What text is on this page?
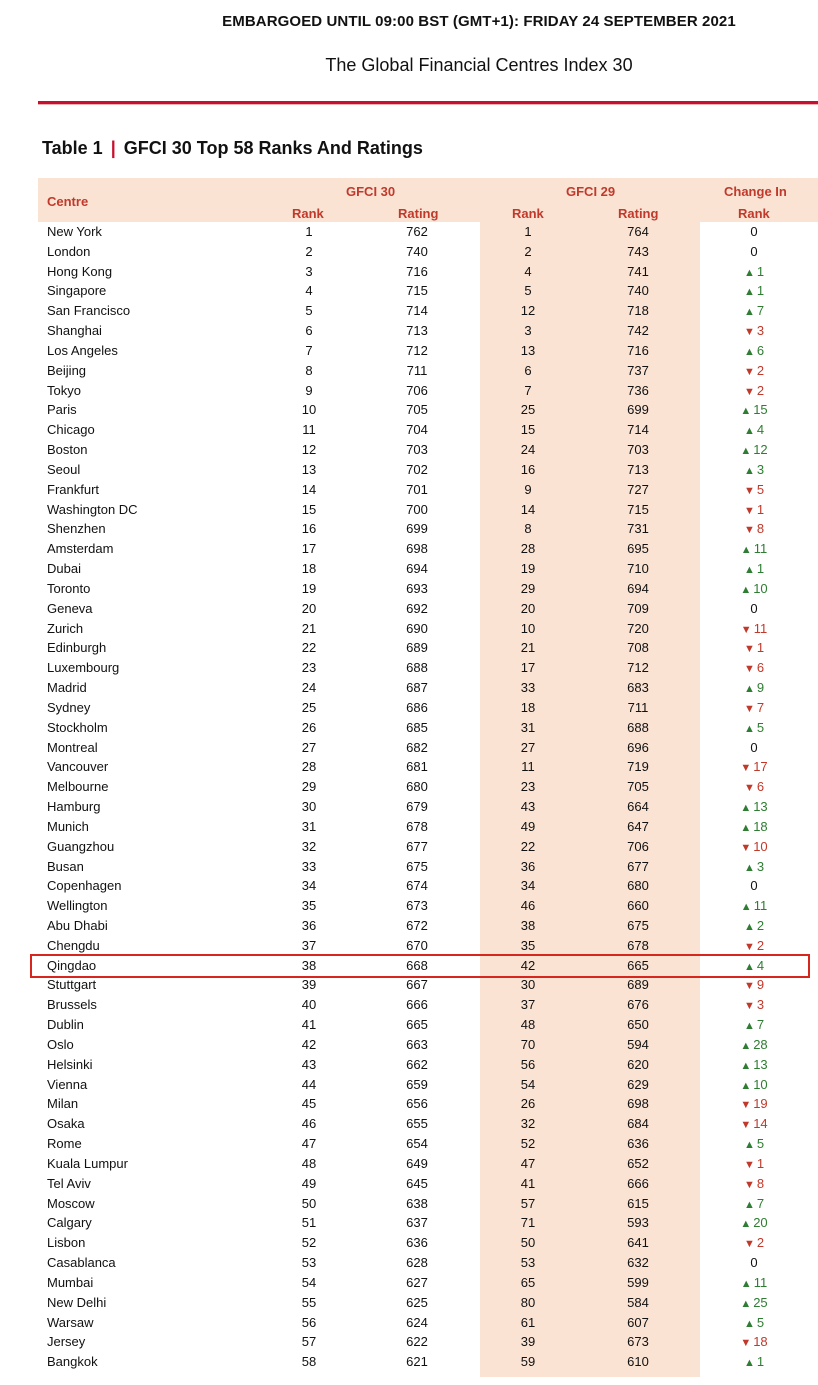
EMBARGOED UNTIL 09:00 BST (GMT+1): FRIDAY 24 SEPTEMBER 2021
The Global Financial Centres Index 30
Table 1 | GFCI 30 Top 58 Ranks And Ratings
Centre
GFCI 30
Rank	Rating
GFCI 29
Rank	Rating
Change In
Rank
New York	1	762	1	764	0
London	2	740	2	743	0
Hong Kong	3	716	4	741	▲ 1
Singapore	4	715	5	740	▲ 1
San Francisco	5	714	12	718	▲ 7
Shanghai	6	713	3	742	▼ 3
Los Angeles	7	712	13	716	▲ 6
Beijing	8	711	6	737	▼ 2
Tokyo	9	706	7	736	▼ 2
Paris	10	705	25	699	▲ 15
Chicago	11	704	15	714	▲ 4
Boston	12	703	24	703	▲ 12
Seoul	13	702	16	713	▲ 3
Frankfurt	14	701	9	727	▼ 5
Washington DC	15	700	14	715	▼ 1
Shenzhen	16	699	8	731	▼ 8
Amsterdam	17	698	28	695	▲ 11
Dubai	18	694	19	710	▲ 1
Toronto	19	693	29	694	▲ 10
Geneva	20	692	20	709	0
Zurich	21	690	10	720	▼ 11
Edinburgh	22	689	21	708	▼ 1
Luxembourg	23	688	17	712	▼ 6
Madrid	24	687	33	683	▲ 9
Sydney	25	686	18	711	▼ 7
Stockholm	26	685	31	688	▲ 5
Montreal	27	682	27	696	0
Vancouver	28	681	11	719	▼ 17
Melbourne	29	680	23	705	▼ 6
Hamburg	30	679	43	664	▲ 13
Munich	31	678	49	647	▲ 18
Guangzhou	32	677	22	706	▼ 10
Busan	33	675	36	677	▲ 3
Copenhagen	34	674	34	680	0
Wellington	35	673	46	660	▲ 11
Abu Dhabi	36	672	38	675	▲ 2
Chengdu	37	670	35	678	▼ 2
Qingdao	38	668	42	665	▲ 4
Stuttgart	39	667	30	689	▼ 9
Brussels	40	666	37	676	▼ 3
Dublin	41	665	48	650	▲ 7
Oslo	42	663	70	594	▲ 28
Helsinki	43	662	56	620	▲ 13
Vienna	44	659	54	629	▲ 10
Milan	45	656	26	698	▼ 19
Osaka	46	655	32	684	▼ 14
Rome	47	654	52	636	▲ 5
Kuala Lumpur	48	649	47	652	▼ 1
Tel Aviv	49	645	41	666	▼ 8
Moscow	50	638	57	615	▲ 7
Calgary	51	637	71	593	▲ 20
Lisbon	52	636	50	641	▼ 2
Casablanca	53	628	53	632	0
Mumbai	54	627	65	599	▲ 11
New Delhi	55	625	80	584	▲ 25
Warsaw	56	624	61	607	▲ 5
Jersey	57	622	39	673	▼ 18
Bangkok	58	621	59	610	▲ 1
